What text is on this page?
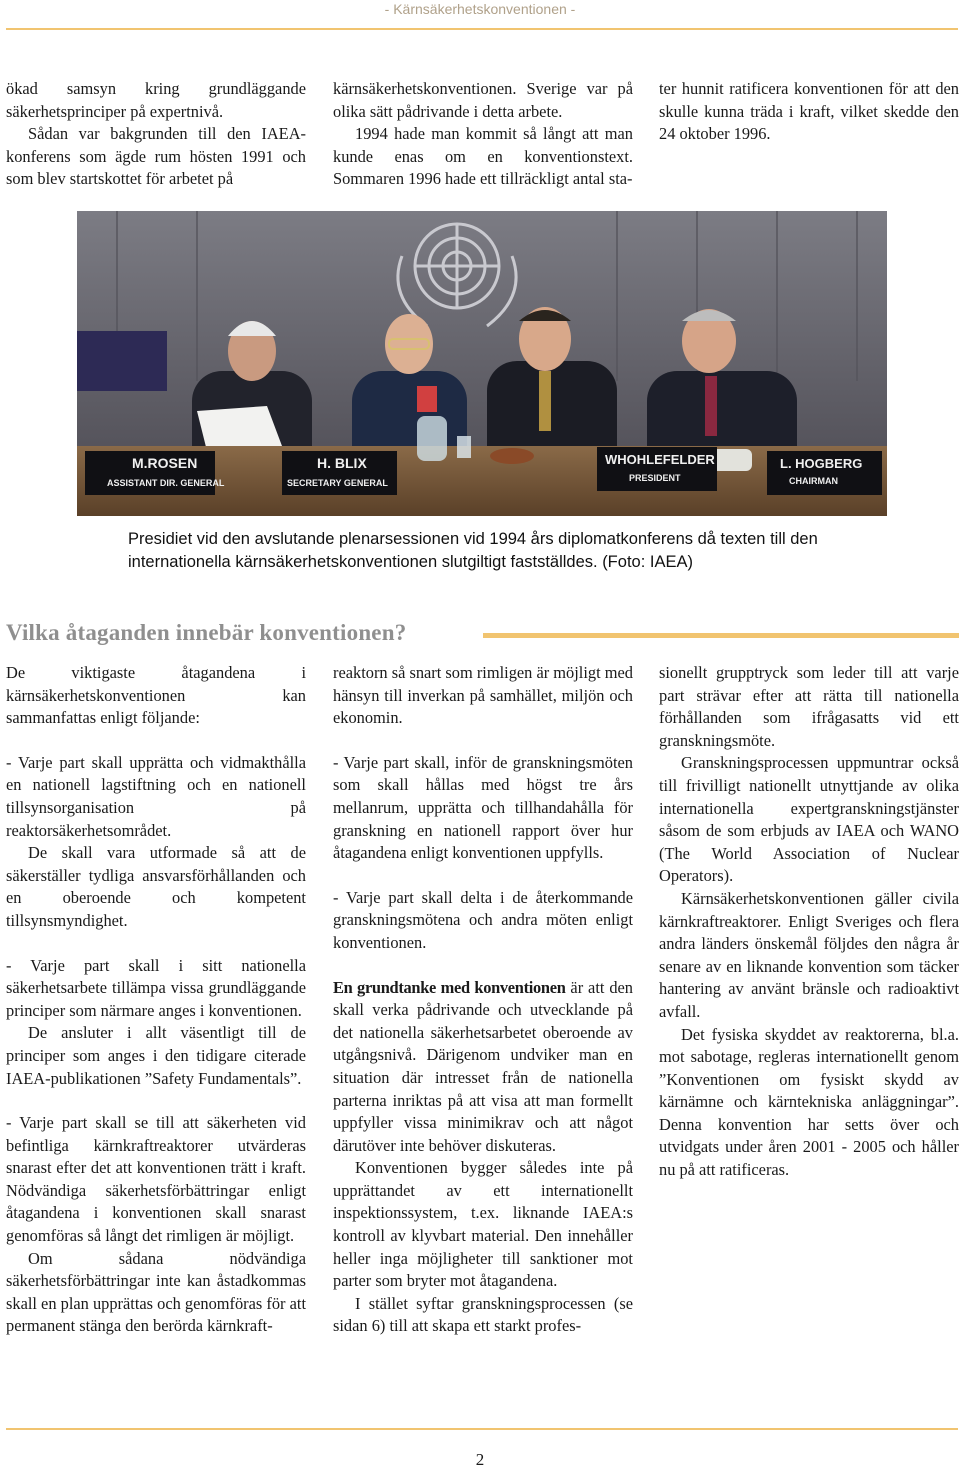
- Kärnsäkerhetskonventionen -

ökad samsyn kring grundläggande säkerhetsprinciper på expertnivå.

Sådan var bakgrunden till den IAEA-konferens som ägde rum hösten 1991 och som blev startskottet för arbetet på

kärnsäkerhetskonventionen. Sverige var på olika sätt pådrivande i detta arbete.

1994 hade man kommit så långt att man kunde enas om en konventionstext. Sommaren 1996 hade ett tillräckligt antal sta-

ter hunnit ratificera konventionen för att den skulle kunna träda i kraft, vilket skedde den 24 oktober 1996.

M.ROSEN
ASSISTANT DIR. GENERAL
H. BLIX
SECRETARY GENERAL
WHOHLEFELDER
PRESIDENT
L. HOGBERG
CHAIRMAN
Presidiet vid den avslutande plenarsessionen vid 1994 års diplomatkonferens då texten till den internationella kärnsäkerhetskonventionen slutgiltigt fastställdes. (Foto: IAEA)
Vilka åtaganden innebär konventionen?

De viktigaste åtagandena i kärnsäkerhetskonventionen kan sammanfattas enligt följande:

- Varje part skall upprätta och vidmakthålla en nationell lagstiftning och en nationell tillsynsorganisation på reaktorsäkerhetsområdet.

De skall vara utformade så att de säkerställer tydliga ansvarsförhållanden och en oberoende och kompetent tillsynsmyndighet.

- Varje part skall i sitt nationella säkerhetsarbete tillämpa vissa grundläggande principer som närmare anges i konventionen.

De ansluter i allt väsentligt till de principer som anges i den tidigare citerade IAEA-publikationen ”Safety Fundamentals”.

- Varje part skall se till att säkerheten vid befintliga kärnkraftreaktorer utvärderas snarast efter det att konventionen trätt i kraft. Nödvändiga säkerhetsförbättringar enligt åtagandena i konventionen skall snarast genomföras så långt det rimligen är möjligt.

Om sådana nödvändiga säkerhetsförbättringar inte kan åstadkommas skall en plan upprättas och genomföras för att permanent stänga den berörda kärnkraft-

reaktorn så snart som rimligen är möjligt med hänsyn till inverkan på samhället, miljön och ekonomin.

- Varje part skall, inför de granskningsmöten som skall hållas med högst tre års mellanrum, upprätta och tillhandahålla för granskning en nationell rapport över hur åtagandena enligt konventionen uppfylls.

- Varje part skall delta i de återkommande granskningsmötena och andra möten enligt konventionen.

En grundtanke med konventionen är att den skall verka pådrivande och utvecklande på det nationella säkerhetsarbetet oberoende av utgångsnivå. Därigenom undviker man en situation där intresset från de nationella parterna inriktas på att visa att man formellt uppfyller vissa minimikrav och att något därutöver inte behöver diskuteras.

Konventionen bygger således inte på upprättandet av ett internationellt inspektionssystem, t.ex. liknande IAEA:s kontroll av klyvbart material. Den innehåller heller inga möjligheter till sanktioner mot parter som bryter mot åtagandena.

I stället syftar granskningsprocessen (se sidan 6) till att skapa ett starkt profes-

sionellt grupptryck som leder till att varje part strävar efter att rätta till nationella förhållanden som ifrågasatts vid ett granskningsmöte.

Granskningsprocessen uppmuntrar också till frivilligt nationellt utnyttjande av olika internationella expertgranskningstjänster såsom de som erbjuds av IAEA och WANO (The World Association of Nuclear Operators).

Kärnsäkerhetskonventionen gäller civila kärnkraftreaktorer. Enligt Sveriges och flera andra länders önskemål följdes den några år senare av en liknande konvention som täcker hantering av använt bränsle och radioaktivt avfall.

Det fysiska skyddet av reaktorerna, bl.a. mot sabotage, regleras internationellt genom ”Konventionen om fysiskt skydd av kärnämne och kärntekniska anläggningar”. Denna konvention har setts över och utvidgats under åren 2001 - 2005 och håller nu på att ratificeras.

2
